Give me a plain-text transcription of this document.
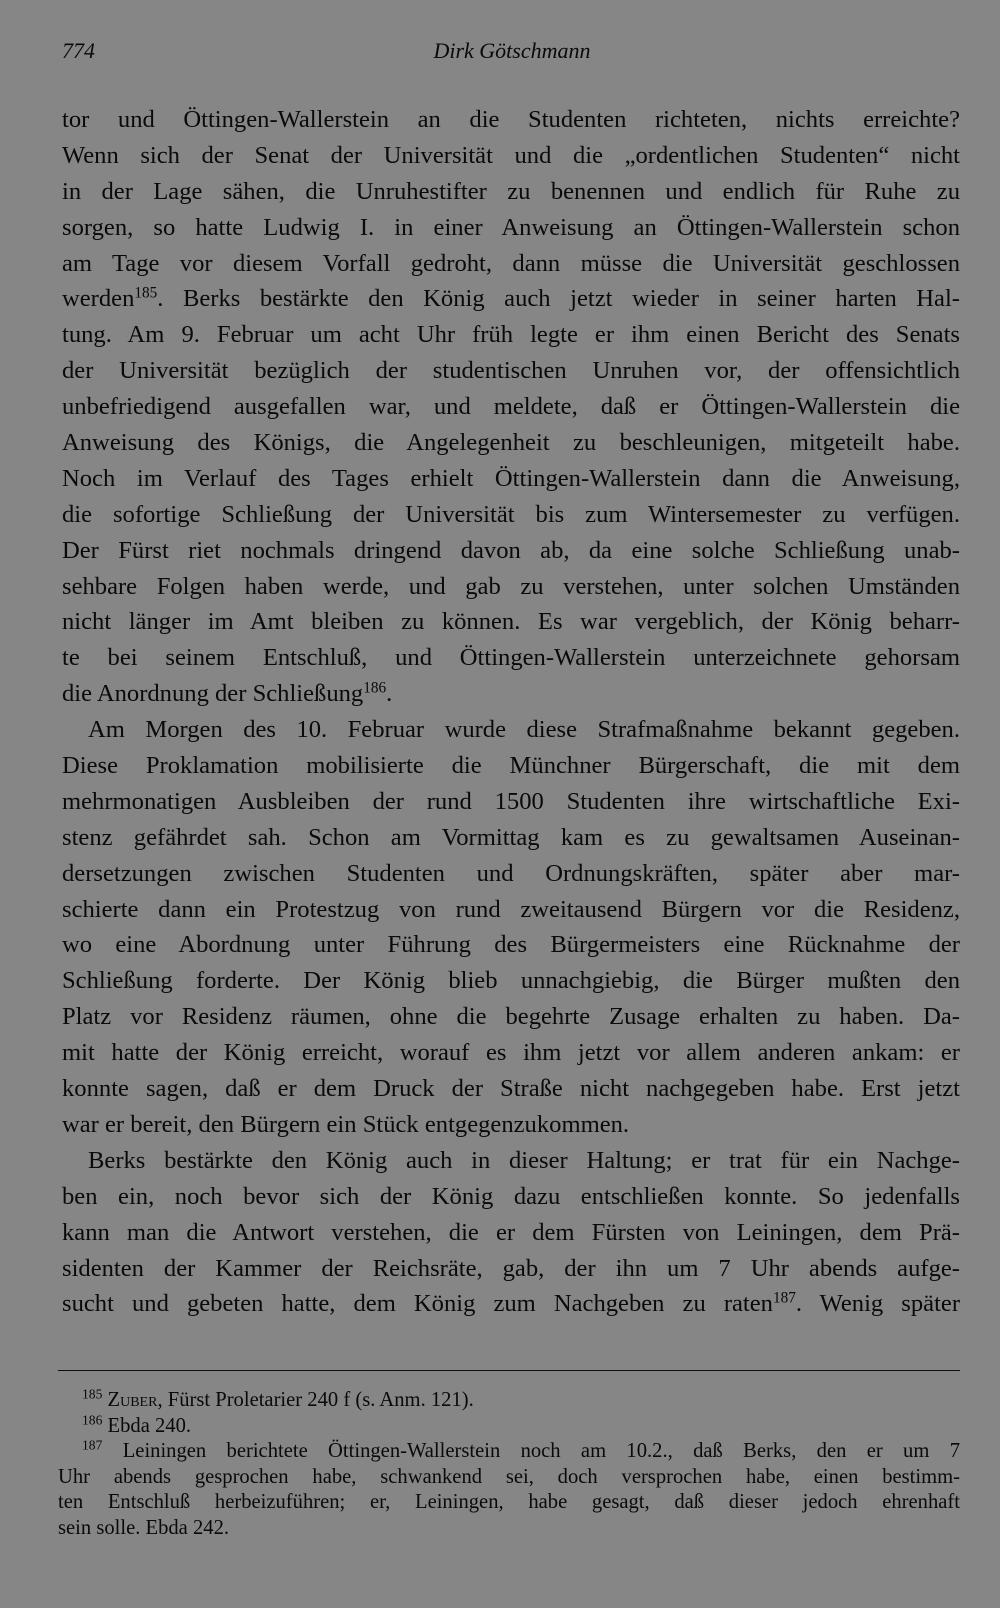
774	Dirk Götschmann
tor und Öttingen-Wallerstein an die Studenten richteten, nichts erreichte?
Wenn sich der Senat der Universität und die „ordentlichen Studenten“ nicht
in der Lage sähen, die Unruhestifter zu benennen und endlich für Ruhe zu
sorgen, so hatte Ludwig I. in einer Anweisung an Öttingen-Wallerstein schon
am Tage vor diesem Vorfall gedroht, dann müsse die Universität geschlossen
werden$^{185}$. Berks bestärkte den König auch jetzt wieder in seiner harten Hal-
tung. Am 9. Februar um acht Uhr früh legte er ihm einen Bericht des Senats
der Universität bezüglich der studentischen Unruhen vor, der offensichtlich
unbefriedigend ausgefallen war, und meldete, daß er Öttingen-Wallerstein die
Anweisung des Königs, die Angelegenheit zu beschleunigen, mitgeteilt habe.
Noch im Verlauf des Tages erhielt Öttingen-Wallerstein dann die Anweisung,
die sofortige Schließung der Universität bis zum Wintersemester zu verfügen.
Der Fürst riet nochmals dringend davon ab, da eine solche Schließung unab-
sehbare Folgen haben werde, und gab zu verstehen, unter solchen Umständen
nicht länger im Amt bleiben zu können. Es war vergeblich, der König beharr-
te bei seinem Entschluß, und Öttingen-Wallerstein unterzeichnete gehorsam
die Anordnung der Schließung$^{186}$.
Am Morgen des 10. Februar wurde diese Strafmaßnahme bekannt gegeben.
Diese Proklamation mobilisierte die Münchner Bürgerschaft, die mit dem
mehrmonatigen Ausbleiben der rund 1500 Studenten ihre wirtschaftliche Exi-
stenz gefährdet sah. Schon am Vormittag kam es zu gewaltsamen Auseinan-
dersetzungen zwischen Studenten und Ordnungskräften, später aber mar-
schierte dann ein Protestzug von rund zweitausend Bürgern vor die Residenz,
wo eine Abordnung unter Führung des Bürgermeisters eine Rücknahme der
Schließung forderte. Der König blieb unnachgiebig, die Bürger mußten den
Platz vor Residenz räumen, ohne die begehrte Zusage erhalten zu haben. Da-
mit hatte der König erreicht, worauf es ihm jetzt vor allem anderen ankam: er
konnte sagen, daß er dem Druck der Straße nicht nachgegeben habe. Erst jetzt
war er bereit, den Bürgern ein Stück entgegenzukommen.
Berks bestärkte den König auch in dieser Haltung; er trat für ein Nachge-
ben ein, noch bevor sich der König dazu entschließen konnte. So jedenfalls
kann man die Antwort verstehen, die er dem Fürsten von Leiningen, dem Prä-
sidenten der Kammer der Reichsräte, gab, der ihn um 7 Uhr abends aufge-
sucht und gebeten hatte, dem König zum Nachgeben zu raten$^{187}$. Wenig später
$^{185}$ Zuber, Fürst Proletarier 240 f (s. Anm. 121).
$^{186}$ Ebda 240.
$^{187}$ Leiningen berichtete Öttingen-Wallerstein noch am 10.2., daß Berks, den er um 7
Uhr abends gesprochen habe, schwankend sei, doch versprochen habe, einen bestimm-
ten Entschluß herbeizuführen; er, Leiningen, habe gesagt, daß dieser jedoch ehrenhaft
sein solle. Ebda 242.
